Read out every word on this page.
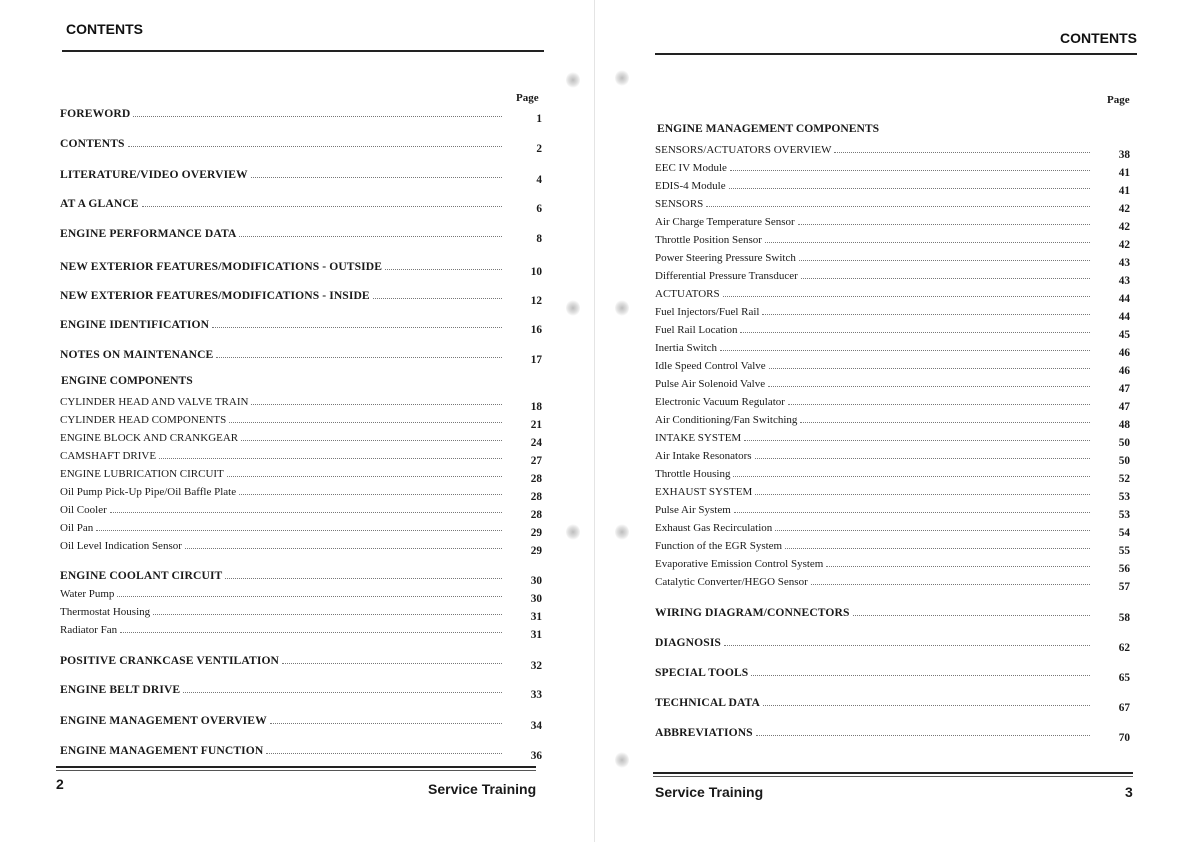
CONTENTS
Page
FOREWORD	1
CONTENTS	2
LITERATURE/VIDEO OVERVIEW	4
AT A GLANCE	6
ENGINE PERFORMANCE DATA	8
NEW EXTERIOR FEATURES/MODIFICATIONS - OUTSIDE	10
NEW EXTERIOR FEATURES/MODIFICATIONS - INSIDE	12
ENGINE IDENTIFICATION	16
NOTES ON MAINTENANCE	17
ENGINE COMPONENTS
CYLINDER HEAD AND VALVE TRAIN	18
CYLINDER HEAD COMPONENTS	21
ENGINE BLOCK AND CRANKGEAR	24
CAMSHAFT DRIVE	27
ENGINE LUBRICATION CIRCUIT	28
Oil Pump Pick-Up Pipe/Oil Baffle Plate	28
Oil Cooler	28
Oil Pan	29
Oil Level Indication Sensor	29
ENGINE COOLANT CIRCUIT	30
Water Pump	30
Thermostat Housing	31
Radiator Fan	31
POSITIVE CRANKCASE VENTILATION	32
ENGINE BELT DRIVE	33
ENGINE MANAGEMENT OVERVIEW	34
ENGINE MANAGEMENT FUNCTION	36
2	Service Training
CONTENTS
Page
ENGINE MANAGEMENT COMPONENTS
SENSORS/ACTUATORS OVERVIEW	38
EEC IV Module	41
EDIS-4 Module	41
SENSORS	42
Air Charge Temperature Sensor	42
Throttle Position Sensor	42
Power Steering Pressure Switch	43
Differential Pressure Transducer	43
ACTUATORS	44
Fuel Injectors/Fuel Rail	44
Fuel Rail Location	45
Inertia Switch	46
Idle Speed Control Valve	46
Pulse Air Solenoid Valve	47
Electronic Vacuum Regulator	47
Air Conditioning/Fan Switching	48
INTAKE SYSTEM	50
Air Intake Resonators	50
Throttle Housing	52
EXHAUST SYSTEM	53
Pulse Air System	53
Exhaust Gas Recirculation	54
Function of the EGR System	55
Evaporative Emission Control System	56
Catalytic Converter/HEGO Sensor	57
WIRING DIAGRAM/CONNECTORS	58
DIAGNOSIS	62
SPECIAL TOOLS	65
TECHNICAL DATA	67
ABBREVIATIONS	70
Service Training	3
